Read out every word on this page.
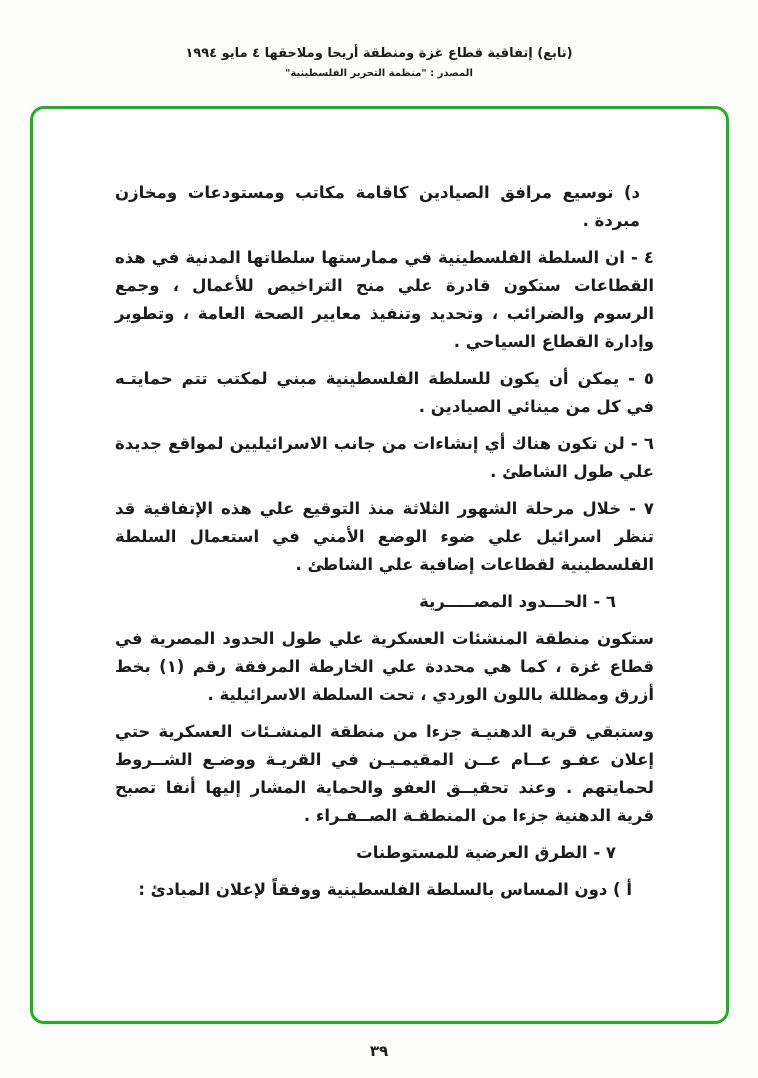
(تابع) إتفاقية قطاع غزة ومنطقة أريحا وملاحقها ٤ مايو ١٩٩٤
المصدر : "منظمة التحرير الفلسطينية"

د) توسيع مرافق الصيادين كاقامة مكاتب ومستودعات ومخازن مبردة .

٤ - ان السلطة الفلسطينية في ممارستها سلطاتها المدنية في هذه القطاعات ستكون قادرة علي منح التراخيص للأعمال ، وجمع الرسوم والضرائب ، وتحديد وتنفيذ معايير الصحة العامة ، وتطوير وإدارة القطاع السياحي .

٥ - يمكن أن يكون للسلطة الفلسطينية مبني لمكتب تتم حمايتـه في كل من مينائي الصيادين .

٦ - لن تكون هناك أي إنشاءات من جانب الاسرائيليين لمواقع جديدة علي طول الشاطئ .

٧ - خلال مرحلة الشهور الثلاثة منذ التوقيع علي هذه الإتفاقية قد تنظر اسرائيل علي ضوء الوضع الأمني في استعمال السلطة الفلسطينية لقطاعات إضافية علي الشاطئ .

٦ - الحـــدود المصـــــرية

ستكون منطقة المنشئات العسكرية علي طول الحدود المصرية في قطاع غزة ، كما هي محددة علي الخارطة المرفقة رقم (١) بخط أزرق ومظللة باللون الوردي ، تحت السلطة الاسرائيلية .

وستبقي قرية الدهنيـة جزءا من منطقة المنشـئات العسكرية حتي إعلان عفـو عــام عــن المقيمـيـن في القريـة ووضـع الشــروط لحمايتهم . وعند تحقيــق العفو والحماية المشار إليها أنفا تصبح قرية الدهنية جزءا من المنطقـة الصــفـراء .

٧ - الطرق العرضية للمستوطنات

أ ) دون المساس بالسلطة الفلسطينية ووفقاً لإعلان المبادئ :

٣٩
